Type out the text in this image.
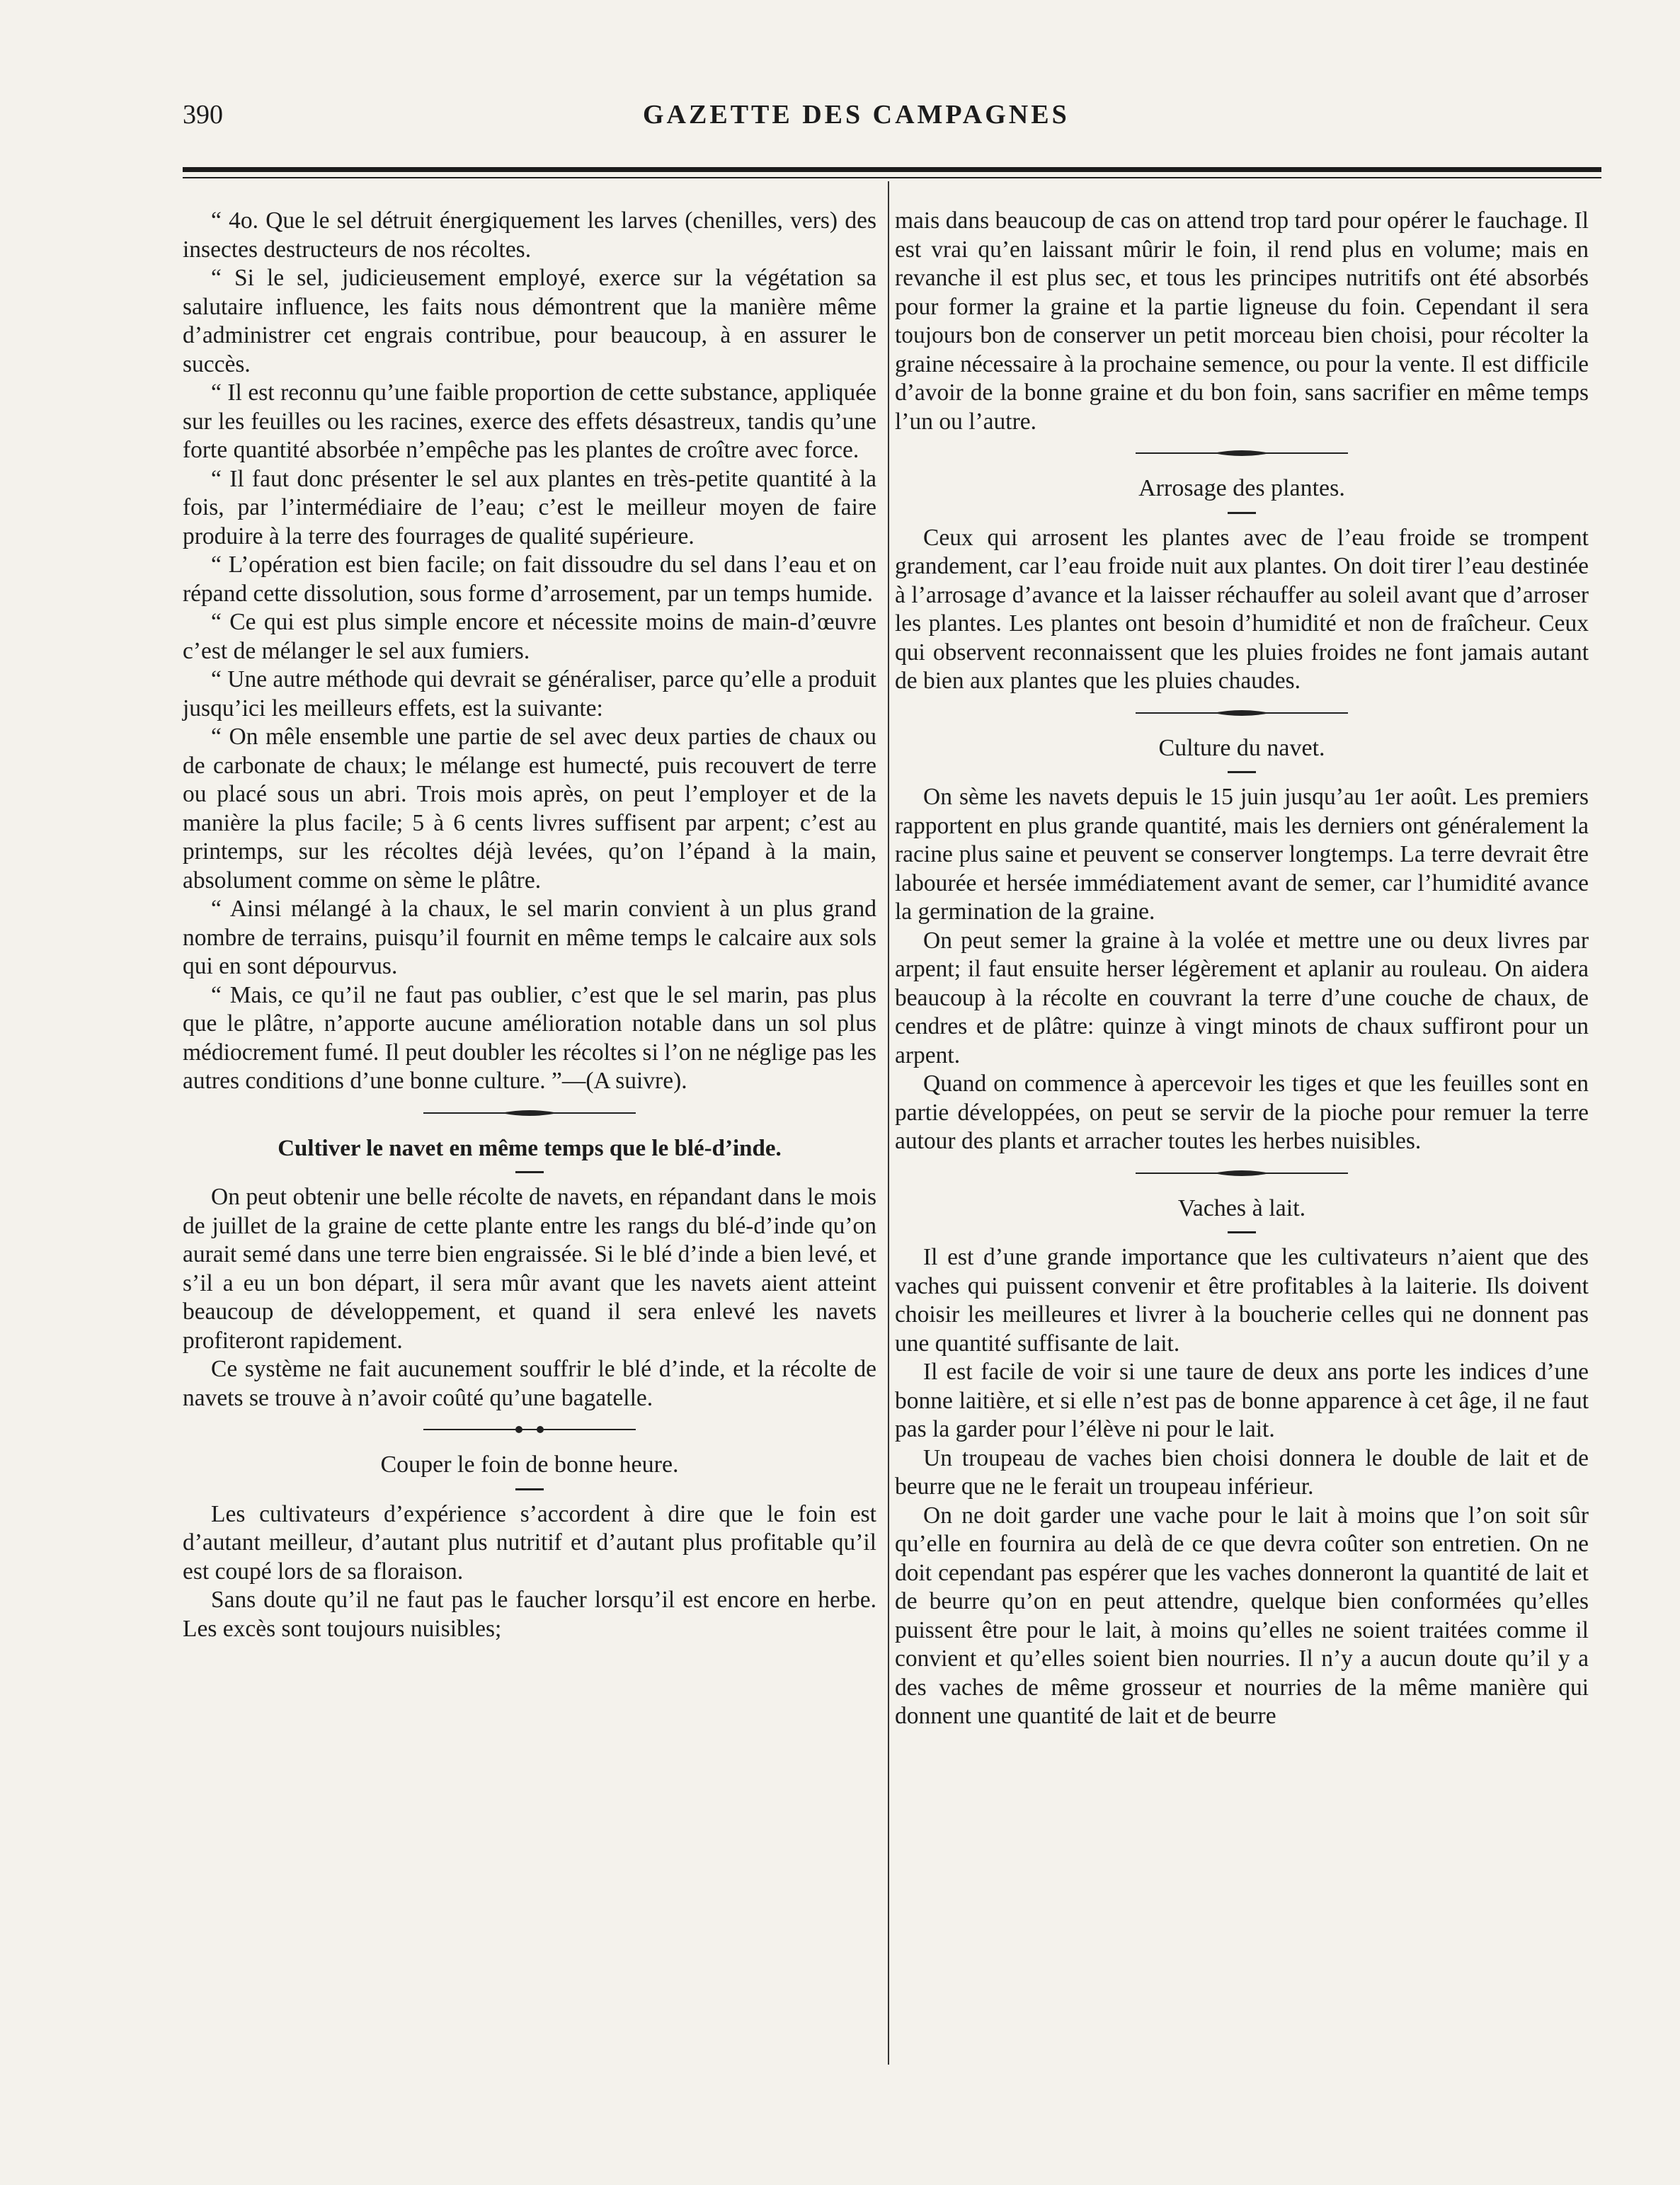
390	GAZETTE DES CAMPAGNES

“ 4o. Que le sel détruit énergiquement les larves (chenilles, vers) des insectes destructeurs de nos récoltes.

“ Si le sel, judicieusement employé, exerce sur la végétation sa salutaire influence, les faits nous démontrent que la manière même d’administrer cet engrais contribue, pour beaucoup, à en assurer le succès.

“ Il est reconnu qu’une faible proportion de cette substance, appliquée sur les feuilles ou les racines, exerce des effets désastreux, tandis qu’une forte quantité absorbée n’empêche pas les plantes de croître avec force.

“ Il faut donc présenter le sel aux plantes en très-petite quantité à la fois, par l’intermédiaire de l’eau; c’est le meilleur moyen de faire produire à la terre des fourrages de qualité supérieure.

“ L’opération est bien facile; on fait dissoudre du sel dans l’eau et on répand cette dissolution, sous forme d’arrosement, par un temps humide.

“ Ce qui est plus simple encore et nécessite moins de main-d’œuvre c’est de mélanger le sel aux fumiers.

“ Une autre méthode qui devrait se généraliser, parce qu’elle a produit jusqu’ici les meilleurs effets, est la suivante:

“ On mêle ensemble une partie de sel avec deux parties de chaux ou de carbonate de chaux; le mélange est humecté, puis recouvert de terre ou placé sous un abri. Trois mois après, on peut l’employer et de la manière la plus facile; 5 à 6 cents livres suffisent par arpent; c’est au printemps, sur les récoltes déjà levées, qu’on l’épand à la main, absolument comme on sème le plâtre.

“ Ainsi mélangé à la chaux, le sel marin convient à un plus grand nombre de terrains, puisqu’il fournit en même temps le calcaire aux sols qui en sont dépourvus.

“ Mais, ce qu’il ne faut pas oublier, c’est que le sel marin, pas plus que le plâtre, n’apporte aucune amélioration notable dans un sol plus médiocrement fumé. Il peut doubler les récoltes si l’on ne néglige pas les autres conditions d’une bonne culture. ”—(A suivre).

Cultiver le navet en même temps que le blé-d’inde.

On peut obtenir une belle récolte de navets, en répandant dans le mois de juillet de la graine de cette plante entre les rangs du blé-d’inde qu’on aurait semé dans une terre bien engraissée. Si le blé d’inde a bien levé, et s’il a eu un bon départ, il sera mûr avant que les navets aient atteint beaucoup de développement, et quand il sera enlevé les navets profiteront rapidement.

Ce système ne fait aucunement souffrir le blé d’inde, et la récolte de navets se trouve à n’avoir coûté qu’une bagatelle.

Couper le foin de bonne heure.

Les cultivateurs d’expérience s’accordent à dire que le foin est d’autant meilleur, d’autant plus nutritif et d’autant plus profitable qu’il est coupé lors de sa floraison.

Sans doute qu’il ne faut pas le faucher lorsqu’il est encore en herbe. Les excès sont toujours nuisibles;

mais dans beaucoup de cas on attend trop tard pour opérer le fauchage. Il est vrai qu’en laissant mûrir le foin, il rend plus en volume; mais en revanche il est plus sec, et tous les principes nutritifs ont été absorbés pour former la graine et la partie ligneuse du foin. Cependant il sera toujours bon de conserver un petit morceau bien choisi, pour récolter la graine nécessaire à la prochaine semence, ou pour la vente. Il est difficile d’avoir de la bonne graine et du bon foin, sans sacrifier en même temps l’un ou l’autre.

Arrosage des plantes.

Ceux qui arrosent les plantes avec de l’eau froide se trompent grandement, car l’eau froide nuit aux plantes. On doit tirer l’eau destinée à l’arrosage d’avance et la laisser réchauffer au soleil avant que d’arroser les plantes. Les plantes ont besoin d’humidité et non de fraîcheur. Ceux qui observent reconnaissent que les pluies froides ne font jamais autant de bien aux plantes que les pluies chaudes.

Culture du navet.

On sème les navets depuis le 15 juin jusqu’au 1er août. Les premiers rapportent en plus grande quantité, mais les derniers ont généralement la racine plus saine et peuvent se conserver longtemps. La terre devrait être labourée et hersée immédiatement avant de semer, car l’humidité avance la germination de la graine.

On peut semer la graine à la volée et mettre une ou deux livres par arpent; il faut ensuite herser légèrement et aplanir au rouleau. On aidera beaucoup à la récolte en couvrant la terre d’une couche de chaux, de cendres et de plâtre: quinze à vingt minots de chaux suffiront pour un arpent.

Quand on commence à apercevoir les tiges et que les feuilles sont en partie développées, on peut se servir de la pioche pour remuer la terre autour des plants et arracher toutes les herbes nuisibles.

Vaches à lait.

Il est d’une grande importance que les cultivateurs n’aient que des vaches qui puissent convenir et être profitables à la laiterie. Ils doivent choisir les meilleures et livrer à la boucherie celles qui ne donnent pas une quantité suffisante de lait.

Il est facile de voir si une taure de deux ans porte les indices d’une bonne laitière, et si elle n’est pas de bonne apparence à cet âge, il ne faut pas la garder pour l’élève ni pour le lait.

Un troupeau de vaches bien choisi donnera le double de lait et de beurre que ne le ferait un troupeau inférieur.

On ne doit garder une vache pour le lait à moins que l’on soit sûr qu’elle en fournira au delà de ce que devra coûter son entretien. On ne doit cependant pas espérer que les vaches donneront la quantité de lait et de beurre qu’on en peut attendre, quelque bien conformées qu’elles puissent être pour le lait, à moins qu’elles ne soient traitées comme il convient et qu’elles soient bien nourries. Il n’y a aucun doute qu’il y a des vaches de même grosseur et nourries de la même manière qui donnent une quantité de lait et de beurre
